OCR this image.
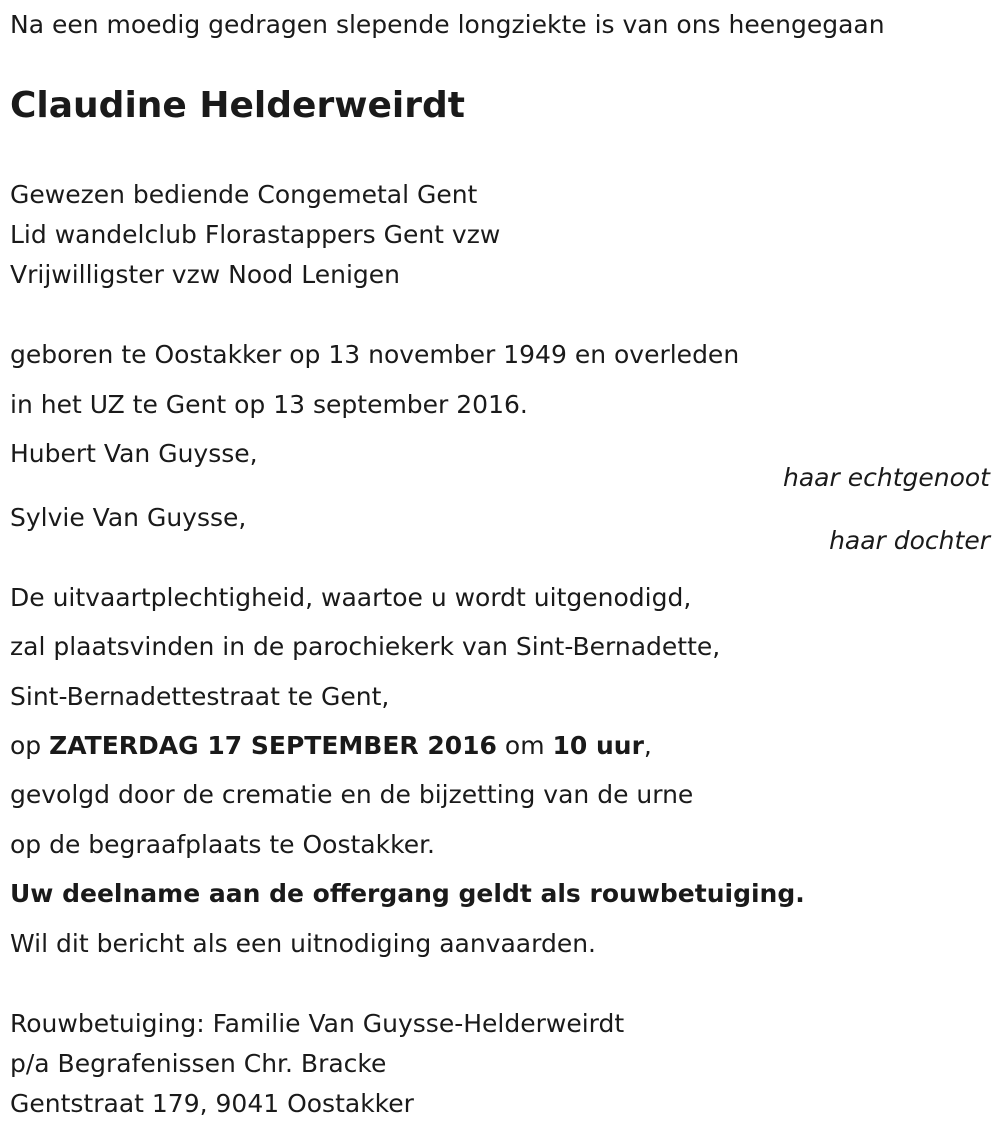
Na een moedig gedragen slepende longziekte is van ons heengegaan
Claudine Helderweirdt
Gewezen bediende Congemetal Gent
Lid wandelclub Florastappers Gent vzw
Vrijwilligster vzw Nood Lenigen
geboren te Oostakker op 13 november 1949 en overleden
in het UZ te Gent op 13 september 2016.
Hubert Van Guysse,
haar echtgenoot
Sylvie Van Guysse,
haar dochter
De uitvaartplechtigheid, waartoe u wordt uitgenodigd,
zal plaatsvinden in de parochiekerk van Sint-Bernadette,
Sint-Bernadettestraat te Gent,
op ZATERDAG 17 SEPTEMBER 2016 om 10 uur,
gevolgd door de crematie en de bijzetting van de urne
op de begraafplaats te Oostakker.
Uw deelname aan de offergang geldt als rouwbetuiging.
Wil dit bericht als een uitnodiging aanvaarden.
Rouwbetuiging: Familie Van Guysse-Helderweirdt
p/a Begrafenissen Chr. Bracke
Gentstraat 179, 9041 Oostakker
